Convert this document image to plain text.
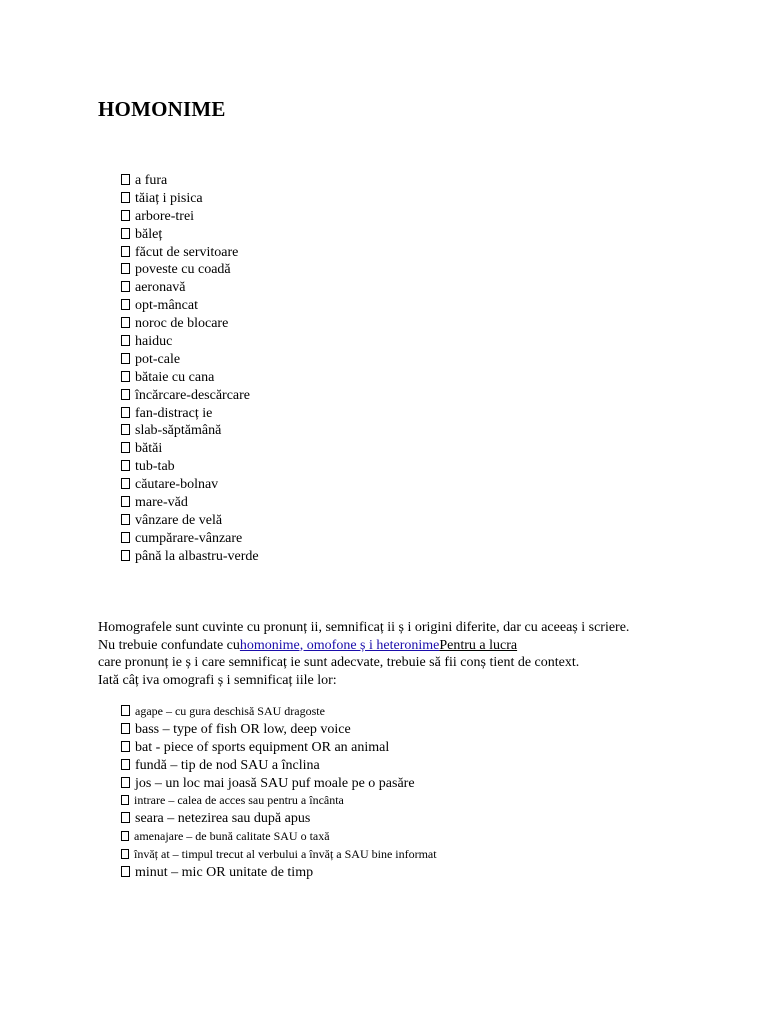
HOMONIME
a fura
tăiaț i pisica
arbore-trei
băleț
făcut de servitoare
poveste cu coadă
aeronavă
opt-mâncat
noroc de blocare
haiduc
pot-cale
bătaie cu cana
încărcare-descărcare
fan-distracț ie
slab-săptămână
bătăi
tub-tab
căutare-bolnav
mare-văd
vânzare de velă
cumpărare-vânzare
până la albastru-verde

Homografele sunt cuvinte cu pronunț ii, semnificaț ii ș i origini diferite, dar cu aceeaș i scriere.
Nu trebuie confundate cuhomonime, omofone ș i heteronimePentru a lucra
care pronunț ie ș i care semnificaț ie sunt adecvate, trebuie să fii conș tient de context.
Iată câț iva omografi ș i semnificaț iile lor:

agape – cu gura deschisă SAU dragoste
bass – type of fish OR low, deep voice
bat - piece of sports equipment OR an animal
fundă – tip de nod SAU a înclina
jos – un loc mai joasă SAU puf moale pe o pasăre
intrare – calea de acces sau pentru a încânta
seara – netezirea sau după apus
amenajare – de bună calitate SAU o taxă
învăț at – timpul trecut al verbului a învăț a SAU bine informat
minut – mic OR unitate de timp
